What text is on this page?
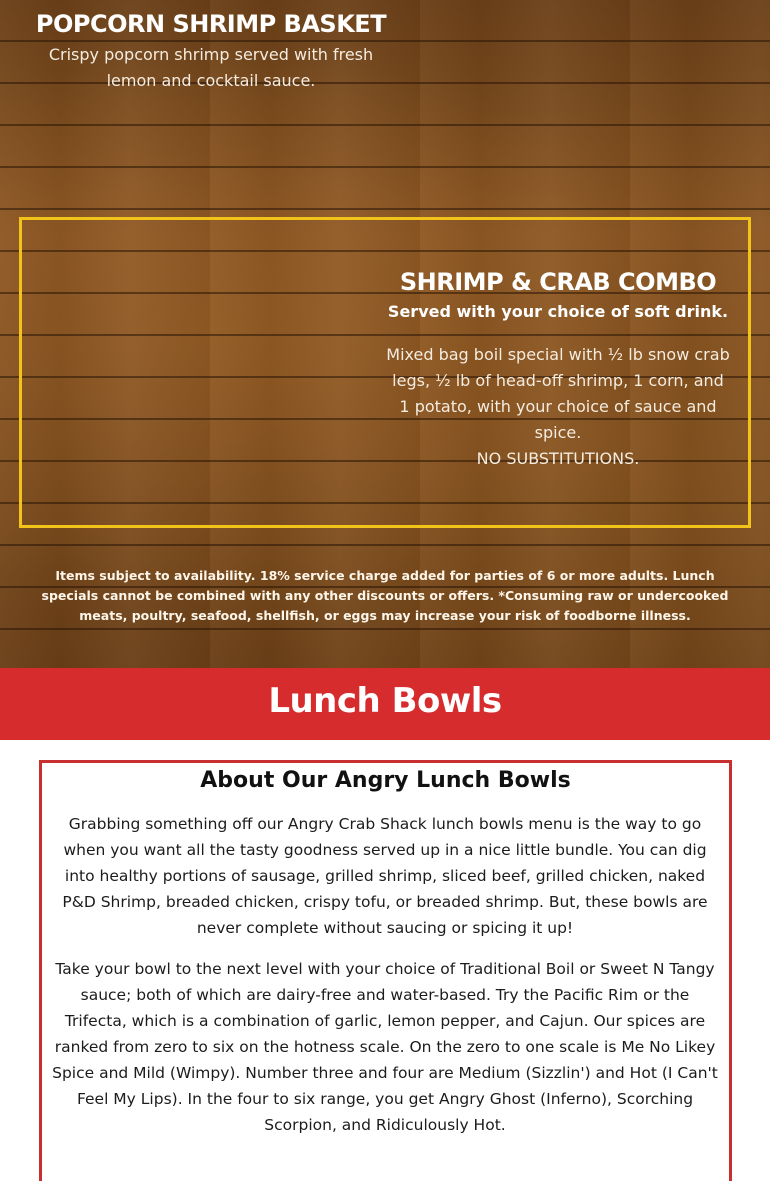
POPCORN SHRIMP BASKET
Crispy popcorn shrimp served with fresh lemon and cocktail sauce.
SHRIMP & CRAB COMBO
Served with your choice of soft drink.
Mixed bag boil special with ½ lb snow crab legs, ½ lb of head-off shrimp, 1 corn, and 1 potato, with your choice of sauce and spice.
NO SUBSTITUTIONS.
Items subject to availability. 18% service charge added for parties of 6 or more adults. Lunch specials cannot be combined with any other discounts or offers. *Consuming raw or undercooked meats, poultry, seafood, shellfish, or eggs may increase your risk of foodborne illness.
Lunch Bowls
About Our Angry Lunch Bowls
Grabbing something off our Angry Crab Shack lunch bowls menu is the way to go when you want all the tasty goodness served up in a nice little bundle. You can dig into healthy portions of sausage, grilled shrimp, sliced beef, grilled chicken, naked P&D Shrimp, breaded chicken, crispy tofu, or breaded shrimp. But, these bowls are never complete without saucing or spicing it up!
Take your bowl to the next level with your choice of Traditional Boil or Sweet N Tangy sauce; both of which are dairy-free and water-based. Try the Pacific Rim or the Trifecta, which is a combination of garlic, lemon pepper, and Cajun. Our spices are ranked from zero to six on the hotness scale. On the zero to one scale is Me No Likey Spice and Mild (Wimpy). Number three and four are Medium (Sizzlin') and Hot (I Can't Feel My Lips). In the four to six range, you get Angry Ghost (Inferno), Scorching Scorpion, and Ridiculously Hot.
